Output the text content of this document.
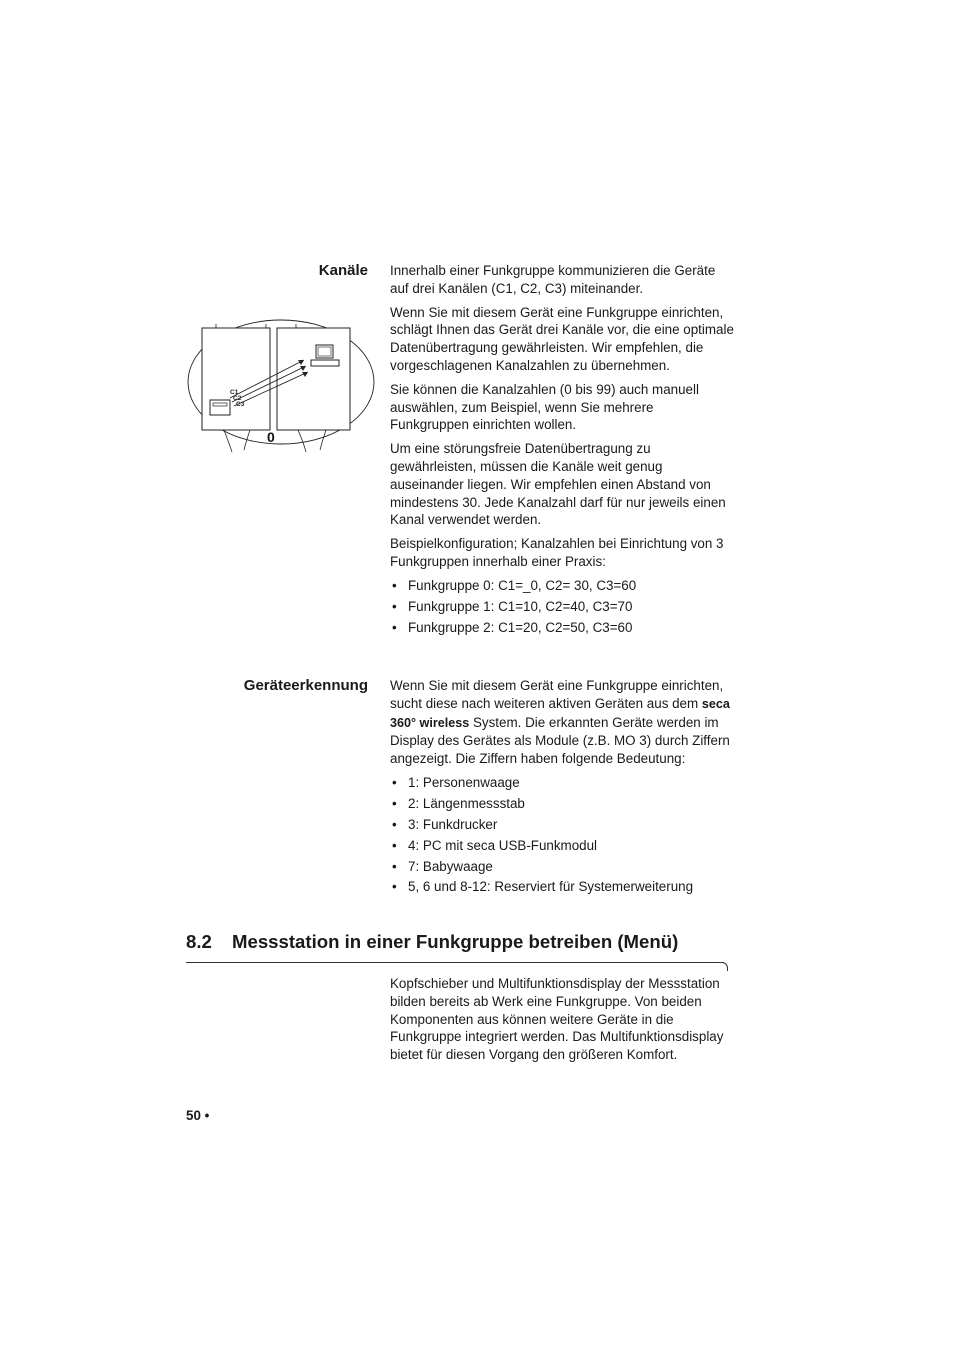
Kanäle Innerhalb einer Funkgruppe kommunizieren die Geräte auf drei Kanälen (C1, C2, C3) miteinander.

Wenn Sie mit diesem Gerät eine Funkgruppe einrichten, schlägt Ihnen das Gerät drei Kanäle vor, die eine optimale Datenübertragung gewährleisten. Wir empfehlen, die vorgeschlagenen Kanalzahlen zu übernehmen.

Sie können die Kanalzahlen (0 bis 99) auch manuell auswählen, zum Beispiel, wenn Sie mehrere Funkgruppen einrichten wollen.

Um eine störungsfreie Datenübertragung zu gewährleisten, müssen die Kanäle weit genug auseinander liegen. Wir empfehlen einen Abstand von mindestens 30. Jede Kanalzahl darf für nur jeweils einen Kanal verwendet werden.

Beispielkonfiguration; Kanalzahlen bei Einrichtung von 3 Funkgruppen innerhalb einer Praxis:

• Funkgruppe 0: C1=_0, C2= 30, C3=60
• Funkgruppe 1: C1=10, C2=40, C3=70
• Funkgruppe 2: C1=20, C2=50, C3=60
C1
C2
C3
0
Geräteerkennung Wenn Sie mit diesem Gerät eine Funkgruppe einrichten, sucht diese nach weiteren aktiven Geräten aus dem seca 360° wireless System. Die erkannten Geräte werden im Display des Gerätes als Module (z.B. MO 3) durch Ziffern angezeigt. Die Ziffern haben folgende Bedeutung:

• 1: Personenwaage
• 2: Längenmessstab
• 3: Funkdrucker
• 4: PC mit seca USB-Funkmodul
• 7: Babywaage
• 5, 6 und 8-12: Reserviert für Systemerweiterung
8.2 Messstation in einer Funkgruppe betreiben (Menü)

Kopfschieber und Multifunktionsdisplay der Messstation bilden bereits ab Werk eine Funkgruppe. Von beiden Komponenten aus können weitere Geräte in die Funkgruppe integriert werden. Das Multifunktionsdisplay bietet für diesen Vorgang den größeren Komfort.

50 •
